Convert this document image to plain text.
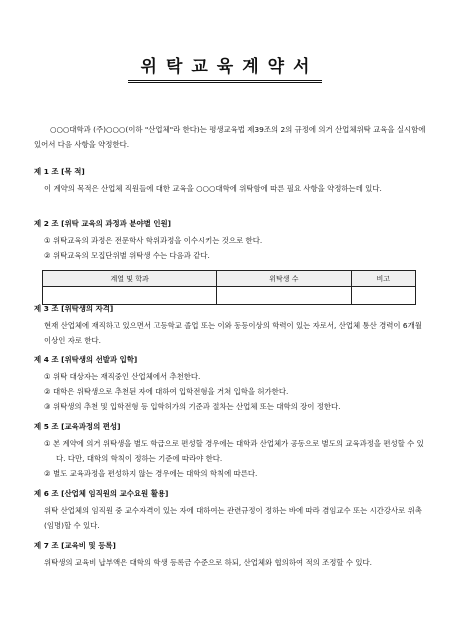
위탁교육계약서

○○○대학과 (주)○○○(이하 "산업체"라 한다)는 평생교육법 제39조의 2의 규정에 의거 산업체위탁 교육을 실시함에 있어서 다음 사항을 약정한다.

제 1 조 [목 적]

이 계약의 목적은 산업체 직원들에 대한 교육을 ○○○대학에 위탁함에 따른 필요 사항을 약정하는데 있다.

제 2 조 [위탁 교육의 과정과 분야별 인원]

① 위탁교육의 과정은 전문학사 학위과정을 이수시키는 것으로 한다.

② 위탁교육의 모집단위별 위탁생 수는 다음과 같다.

계열 및 학과	위탁생 수	비고

제 3 조 [위탁생의 자격]

현재 산업체에 재직하고 있으면서 고등학교 졸업 또는 이와 동등이상의 학력이 있는 자로서, 산업체 통산 경력이 6개월 이상인 자로 한다.

제 4 조 [위탁생의 선발과 입학]

① 위탁 대상자는 재직중인 산업체에서 추천한다.

② 대학은 위탁생으로 추천된 자에 대하여 입학전형을 거쳐 입학을 허가한다.

③ 위탁생의 추천 및 입학전형 등 입학허가의 기준과 절차는 산업체 또는 대학의 장이 정한다.

제 5 조 [교육과정의 편성]

① 본 계약에 의거 위탁생을 별도 학급으로 편성할 경우에는 대학과 산업체가 공동으로 별도의 교육과정을 편성할 수 있다. 다만, 대학의 학칙이 정하는 기준에 따라야 한다.

② 별도 교육과정을 편성하지 않는 경우에는 대학의 학칙에 따른다.

제 6 조 [산업체 임직원의 교수요원 활용]

위탁 산업체의 임직원 중 교수자격이 있는 자에 대하여는 관련규정이 정하는 바에 따라 겸임교수 또는 시간강사로 위촉(임명)할 수 있다.

제 7 조 [교육비 및 등록]

위탁생의 교육비 납부액은 대학의 학생 등록금 수준으로 하되, 산업체와 협의하여 적의 조정할 수 있다.
